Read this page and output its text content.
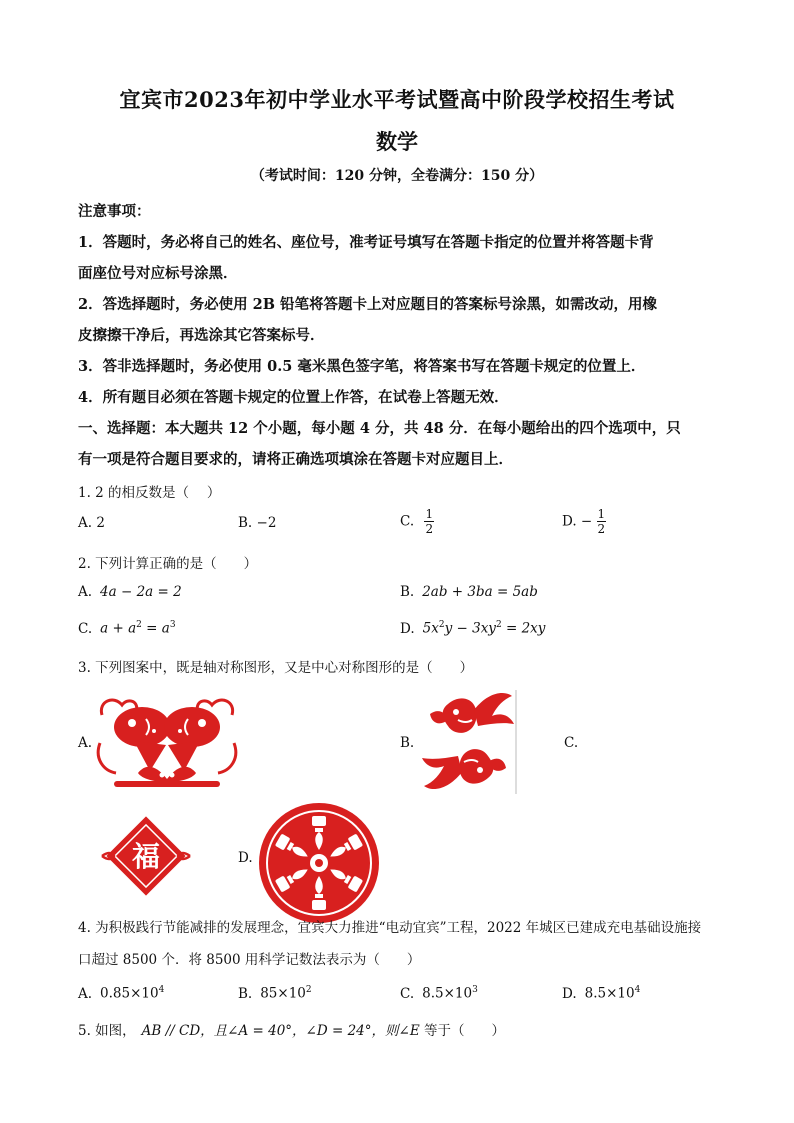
宜宾市2023年初中学业水平考试暨高中阶段学校招生考试
数学
（考试时间：120 分钟，全卷满分：150 分）
注意事项：
1．答题时，务必将自己的姓名、座位号，准考证号填写在答题卡指定的位置并将答题卡背
面座位号对应标号涂黑．
2．答选择题时，务必使用 2B 铅笔将答题卡上对应题目的答案标号涂黑，如需改动，用橡
皮擦擦干净后，再选涂其它答案标号．
3．答非选择题时，务必使用 0.5 毫米黑色签字笔，将答案书写在答题卡规定的位置上．
4．所有题目必须在答题卡规定的位置上作答，在试卷上答题无效．
一、选择题：本大题共 12 个小题，每小题 4 分，共 48 分．在每小题给出的四个选项中，只
有一项是符合题目要求的，请将正确选项填涂在答题卡对应题目上．
1. 2 的相反数是（　 ）
A. 2	B. −2	C. $\frac{1}{2}$	D. − $\frac{1}{2}$
2. 下列计算正确的是（　　）
A. 4a − 2a = 2	B. 2ab + 3ba = 5ab
C. $a + a^2 = a^3$	D. $5x^2y - 3xy^2 = 2xy$
3. 下列图案中，既是轴对称图形，又是中心对称图形的是（　　）
A.	B.	C.
福	D.
4. 为积极践行节能减排的发展理念，宜宾大力推进“电动宜宾”工程，2022 年城区已建成充电基础设施接
口超过 8500 个．将 8500 用科学记数法表示为（　　）
A. $0.85\times 10^4$	B. $85\times 10^2$	C. $8.5\times 10^3$	D. $8.5\times 10^4$
5. 如图， AB // CD，且∠A = 40°，∠D = 24°，则∠E 等于（　　）
